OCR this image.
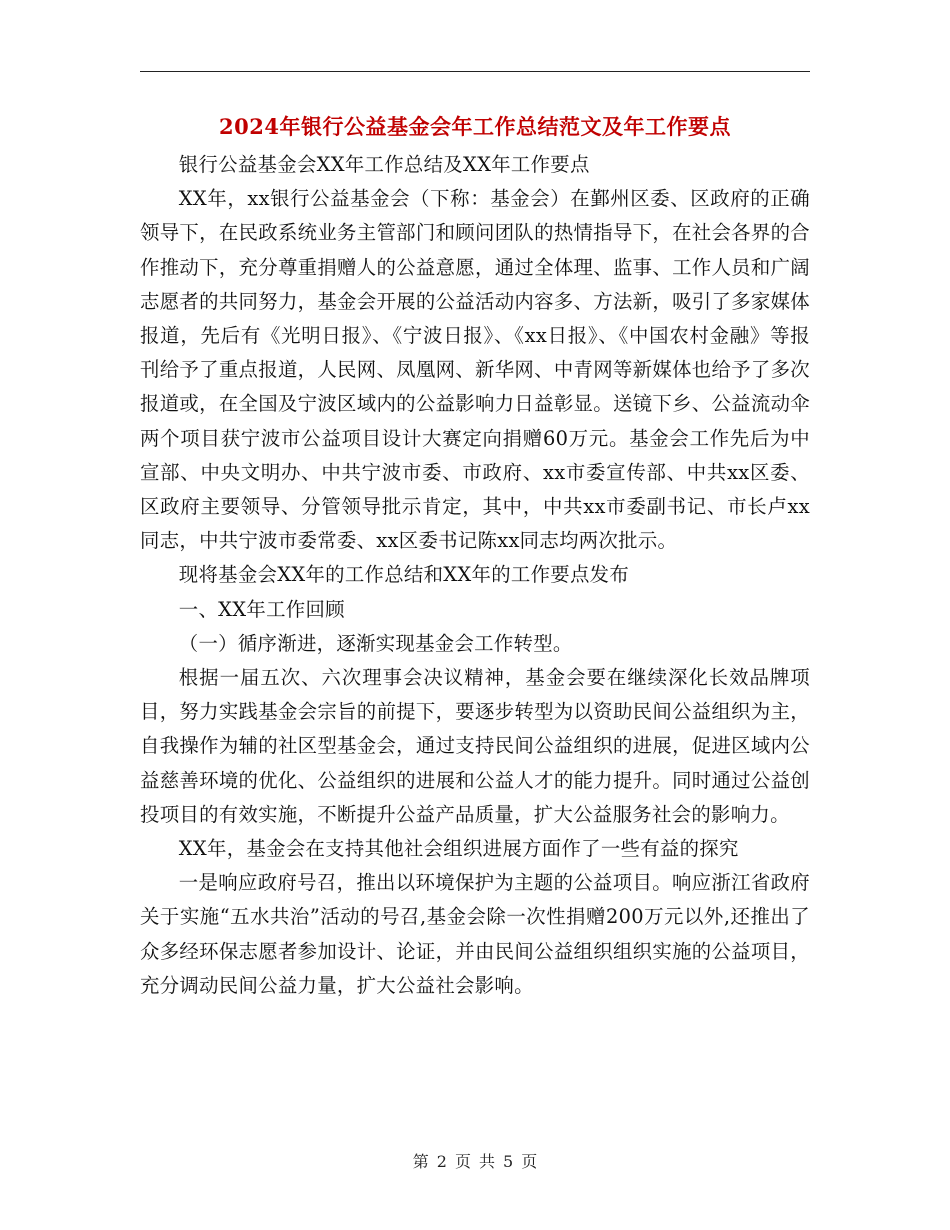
2024年银行公益基金会年工作总结范文及年工作要点

银行公益基金会XX年工作总结及XX年工作要点

XX年，xx银行公益基金会（下称：基金会）在鄞州区委、区政府的正确领导下，在民政系统业务主管部门和顾问团队的热情指导下，在社会各界的合作推动下，充分尊重捐赠人的公益意愿，通过全体理、监事、工作人员和广阔志愿者的共同努力，基金会开展的公益活动内容多、方法新，吸引了多家媒体报道，先后有《光明日报》、《宁波日报》、《xx日报》、《中国农村金融》等报刊给予了重点报道，人民网、凤凰网、新华网、中青网等新媒体也给予了多次报道或，在全国及宁波区域内的公益影响力日益彰显。送镜下乡、公益流动伞两个项目获宁波市公益项目设计大赛定向捐赠60万元。基金会工作先后为中宣部、中央文明办、中共宁波市委、市政府、xx市委宣传部、中共xx区委、区政府主要领导、分管领导批示肯定，其中，中共xx市委副书记、市长卢xx同志，中共宁波市委常委、xx区委书记陈xx同志均两次批示。

现将基金会XX年的工作总结和XX年的工作要点发布

一、XX年工作回顾

（一）循序渐进，逐渐实现基金会工作转型。

根据一届五次、六次理事会决议精神，基金会要在继续深化长效品牌项目，努力实践基金会宗旨的前提下，要逐步转型为以资助民间公益组织为主，自我操作为辅的社区型基金会，通过支持民间公益组织的进展，促进区域内公益慈善环境的优化、公益组织的进展和公益人才的能力提升。同时通过公益创投项目的有效实施，不断提升公益产品质量，扩大公益服务社会的影响力。

XX年，基金会在支持其他社会组织进展方面作了一些有益的探究

一是响应政府号召，推出以环境保护为主题的公益项目。响应浙江省政府关于实施“五水共治”活动的号召,基金会除一次性捐赠200万元以外,还推出了众多经环保志愿者参加设计、论证，并由民间公益组织组织实施的公益项目，充分调动民间公益力量，扩大公益社会影响。

第 2 页 共 5 页
